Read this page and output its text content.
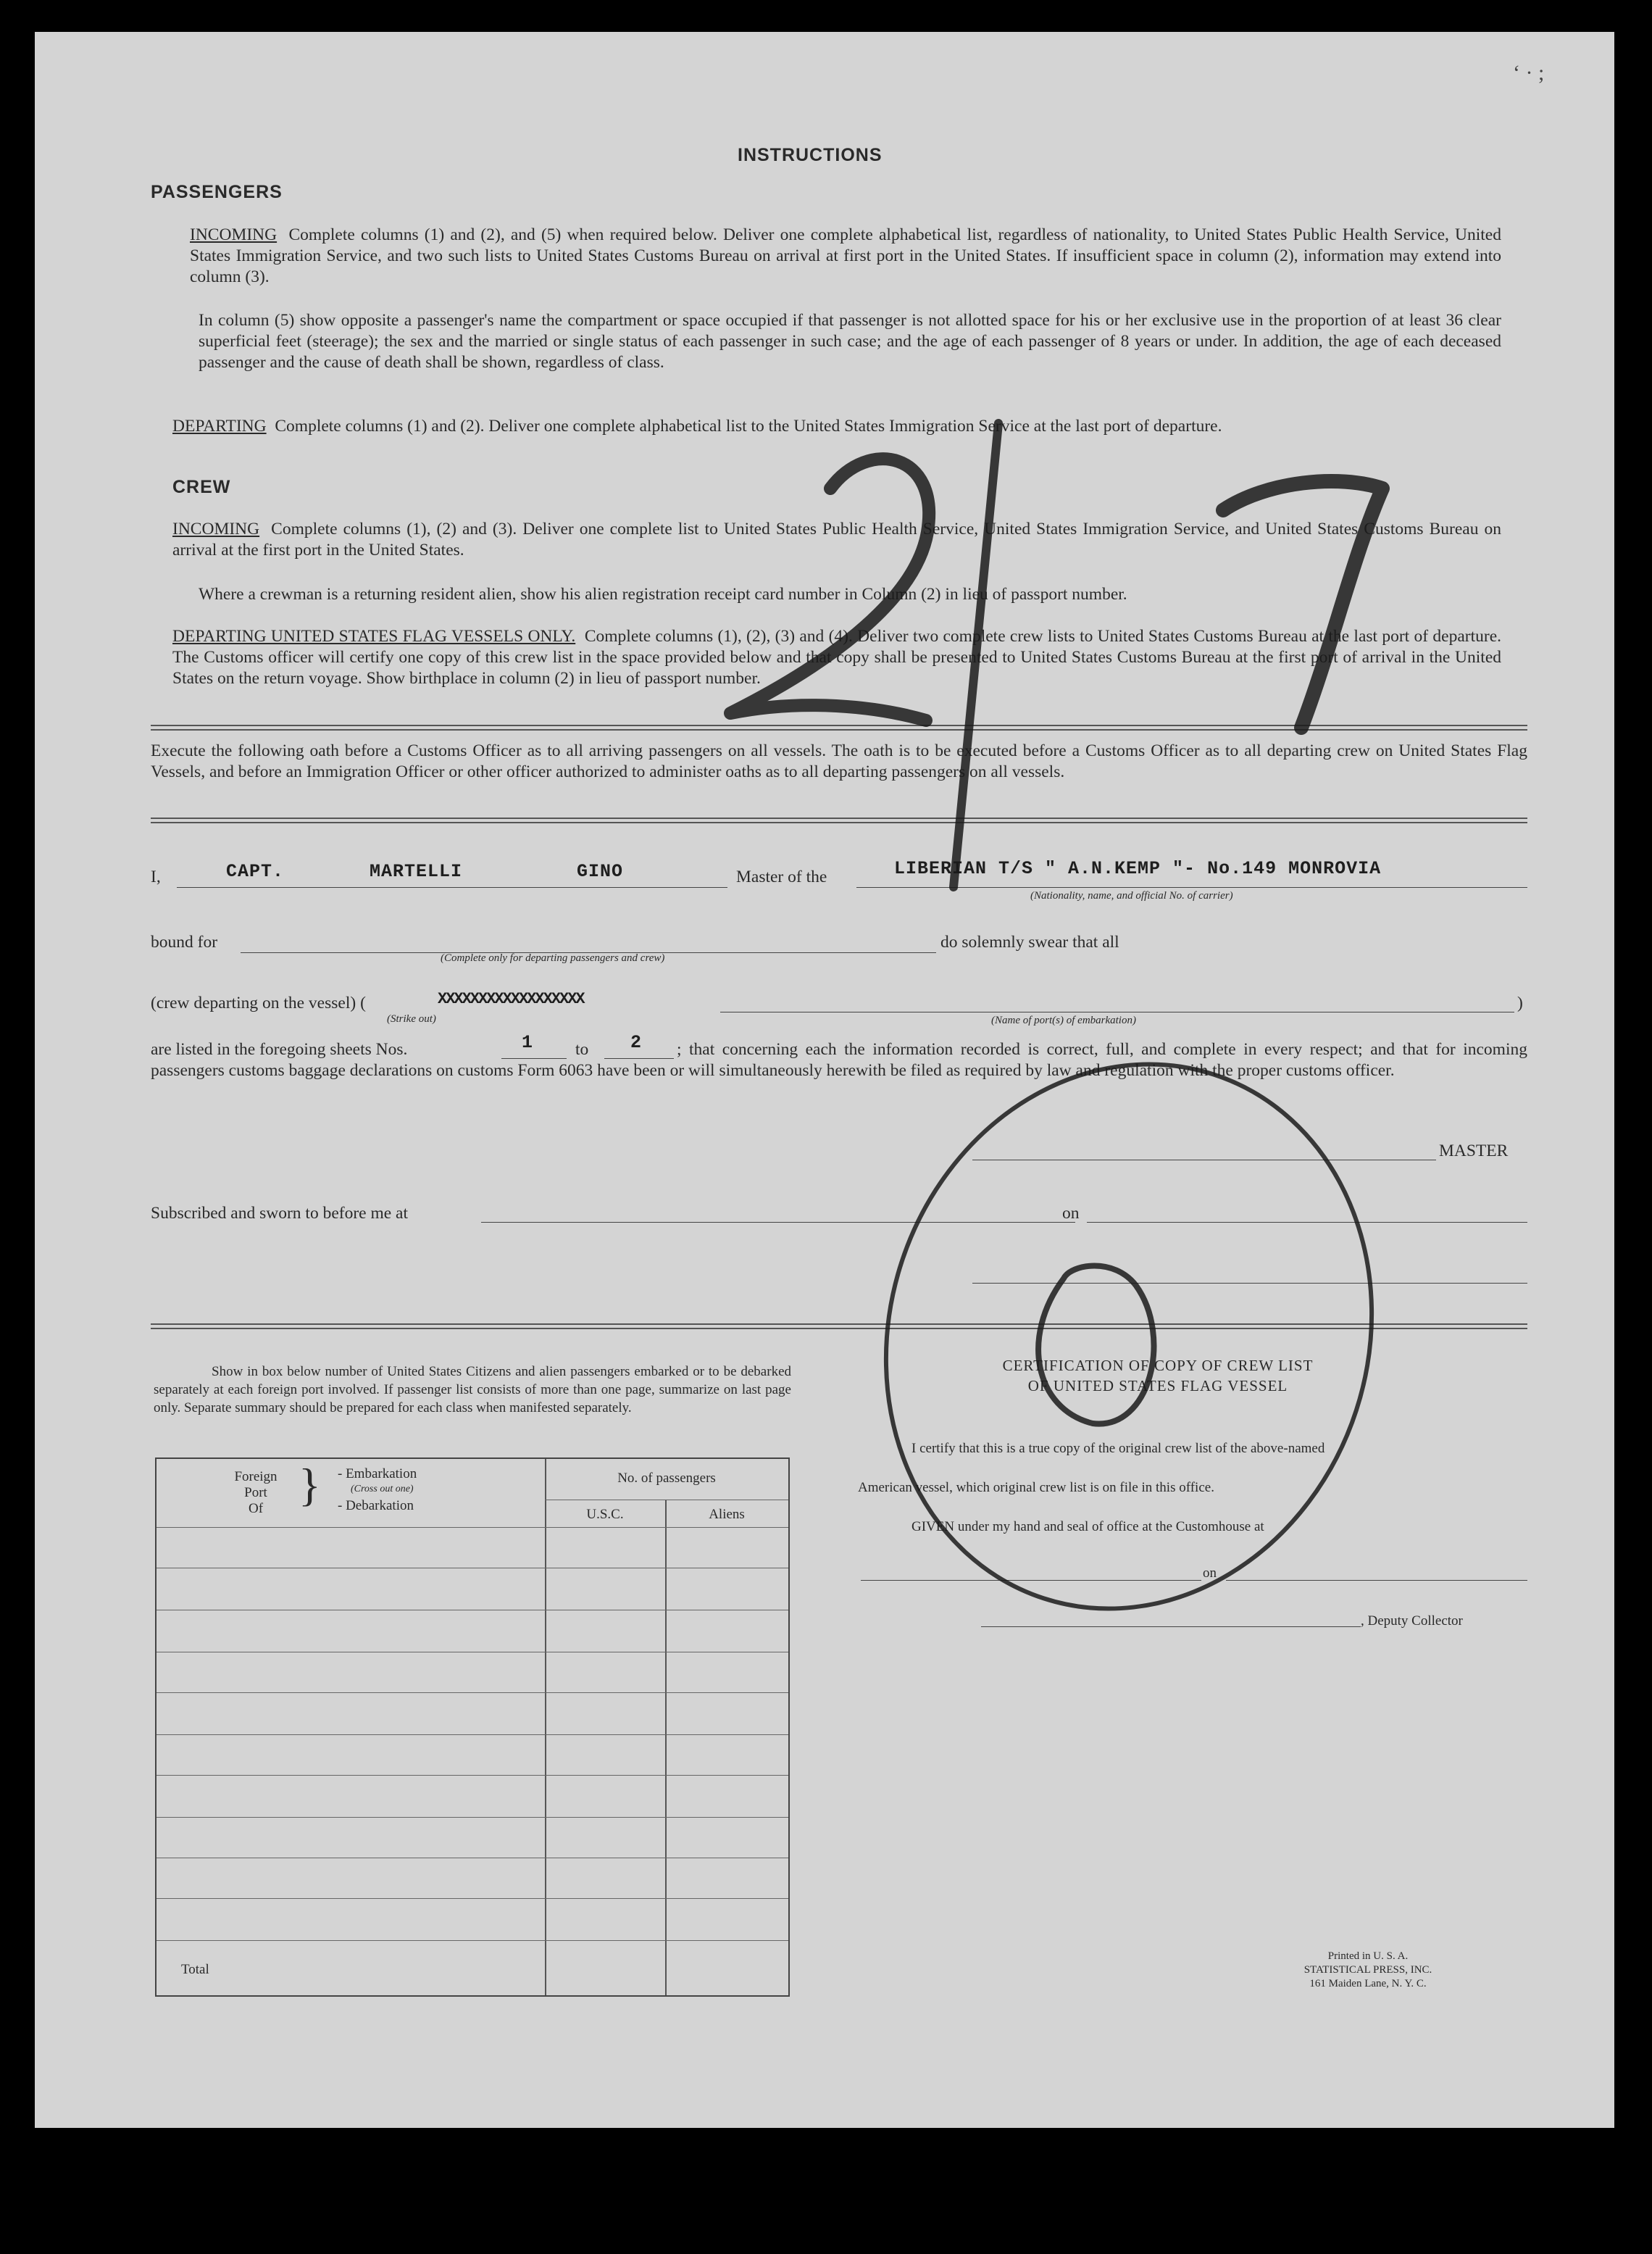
‘ · ;
INSTRUCTIONS
PASSENGERS
INCOMING Complete columns (1) and (2), and (5) when required below. Deliver one complete alphabetical list, regardless of nationality, to United States Public Health Service, United States Immigration Service, and two such lists to United States Customs Bureau on arrival at first port in the United States. If insufficient space in column (2), information may extend into column (3).
In column (5) show opposite a passenger's name the compartment or space occupied if that passenger is not allotted space for his or her exclusive use in the proportion of at least 36 clear superficial feet (steerage); the sex and the married or single status of each passenger in such case; and the age of each passenger of 8 years or under. In addition, the age of each deceased passenger and the cause of death shall be shown, regardless of class.
DEPARTING Complete columns (1) and (2). Deliver one complete alphabetical list to the United States Immigration Service at the last port of departure.
CREW
INCOMING Complete columns (1), (2) and (3). Deliver one complete list to United States Public Health Service, United States Immigration Service, and United States Customs Bureau on arrival at the first port in the United States.
Where a crewman is a returning resident alien, show his alien registration receipt card number in Column (2) in lieu of passport number.
DEPARTING UNITED STATES FLAG VESSELS ONLY. Complete columns (1), (2), (3) and (4). Deliver two complete crew lists to United States Customs Bureau at the last port of departure. The Customs officer will certify one copy of this crew list in the space provided below and that copy shall be presented to United States Customs Bureau at the first port of arrival in the United States on the return voyage. Show birthplace in column (2) in lieu of passport number.
Execute the following oath before a Customs Officer as to all arriving passengers on all vessels. The oath is to be executed before a Customs Officer as to all departing crew on United States Flag Vessels, and before an Immigration Officer or other officer authorized to administer oaths as to all departing passengers on all vessels.
I,	CAPT.	MARTELLI	GINO	Master of the	LIBERIAN T/S " A.N.KEMP "- No.149 MONROVIA
(Nationality, name, and official No. of carrier)
bound for
(Complete only for departing passengers and crew)
do solemnly swear that all
(crew departing on the vessel) (	XXXXXXXXXXXXXXXXXX
(Strike out)	(Name of port(s) of embarkation)
)
are listed in the foregoing sheets Nos.	1 to 2	; that concerning each the information recorded is correct, full, and complete in every respect; and that for incoming passengers customs baggage declarations on customs Form 6063 have been or will simultaneously herewith be filed as required by law and regulation with the proper customs officer.
MASTER
Subscribed and sworn to before me at	on
Show in box below number of United States Citizens and alien passengers embarked or to be debarked separately at each foreign port involved. If passenger list consists of more than one page, summarize on last page only. Separate summary should be prepared for each class when manifested separately.
Foreign
Port
Of } - Embarkation
(Cross out one)
- Debarkation
No. of passengers
U.S.C.	Aliens
Total
CERTIFICATION OF COPY OF CREW LIST
OF UNITED STATES FLAG VESSEL
I certify that this is a true copy of the original crew list of the above-named
American vessel, which original crew list is on file in this office.
GIVEN under my hand and seal of office at the Customhouse at
on
, Deputy Collector
Printed in U. S. A.
STATISTICAL PRESS, INC.
161 Maiden Lane, N. Y. C.
